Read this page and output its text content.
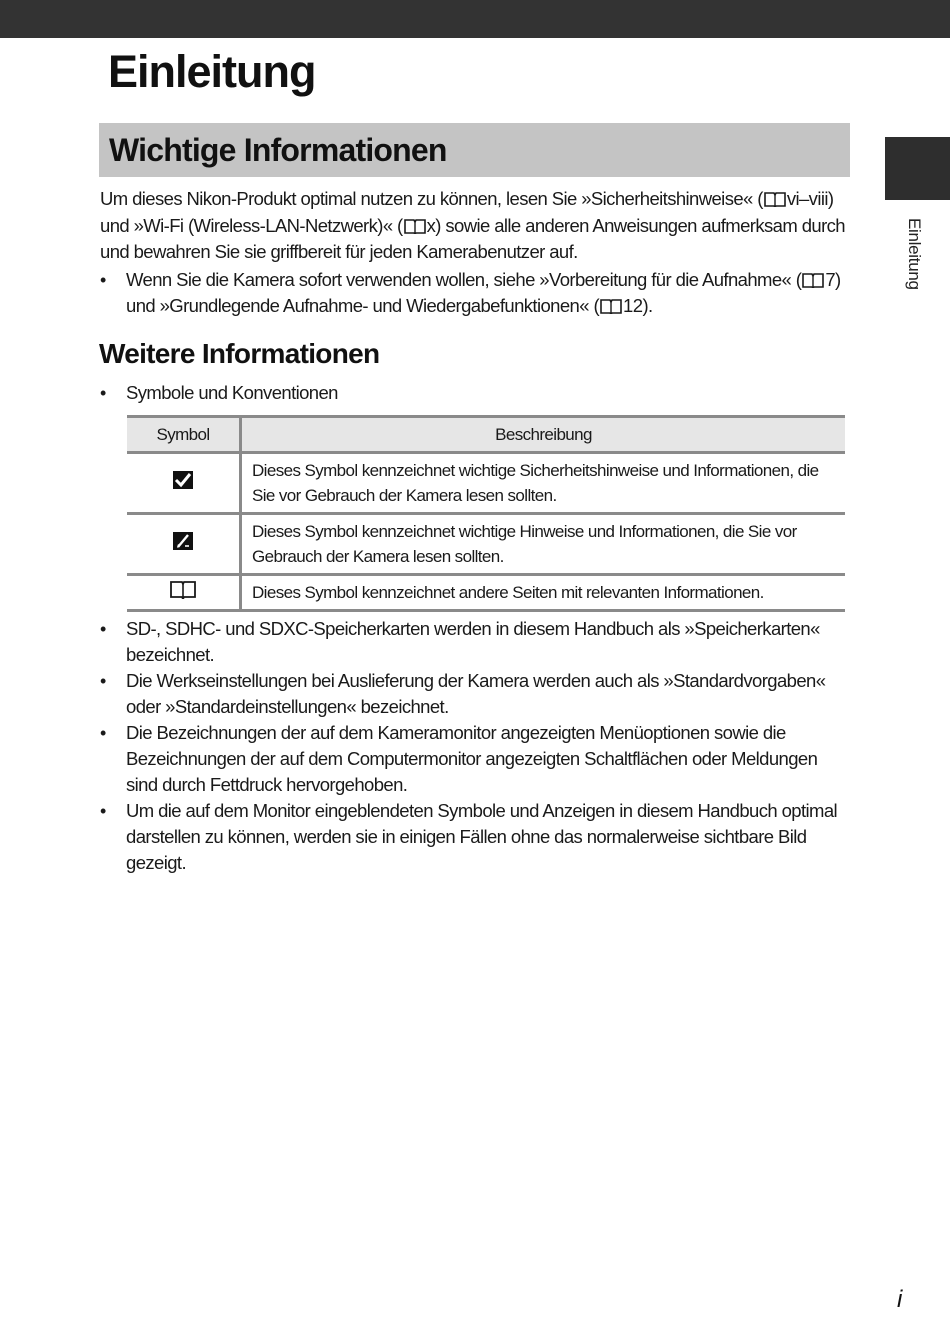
Einleitung
Wichtige Informationen
Einleitung

Um dieses Nikon-Produkt optimal nutzen zu können, lesen Sie »Sicherheitshinweise« ( vi–viii) und »Wi-Fi (Wireless-LAN-Netzwerk)« ( x) sowie alle anderen Anweisungen aufmerksam durch und bewahren Sie sie griffbereit für jeden Kamerabenutzer auf.

• Wenn Sie die Kamera sofort verwenden wollen, siehe »Vorbereitung für die Aufnahme« ( 7) und »Grundlegende Aufnahme- und Wiedergabefunktionen« ( 12).
Weitere Informationen
• Symbole und Konventionen
Symbol	Beschreibung
	Dieses Symbol kennzeichnet wichtige Sicherheitshinweise und Informationen, die Sie vor Gebrauch der Kamera lesen sollten.
	Dieses Symbol kennzeichnet wichtige Hinweise und Informationen, die Sie vor Gebrauch der Kamera lesen sollten.
	Dieses Symbol kennzeichnet andere Seiten mit relevanten Informationen.
• SD-, SDHC- und SDXC-Speicherkarten werden in diesem Handbuch als »Speicherkarten« bezeichnet.
• Die Werkseinstellungen bei Auslieferung der Kamera werden auch als »Standardvorgaben« oder »Standardeinstellungen« bezeichnet.
• Die Bezeichnungen der auf dem Kameramonitor angezeigten Menüoptionen sowie die Bezeichnungen der auf dem Computermonitor angezeigten Schaltflächen oder Meldungen sind durch Fettdruck hervorgehoben.
• Um die auf dem Monitor eingeblendeten Symbole und Anzeigen in diesem Handbuch optimal darstellen zu können, werden sie in einigen Fällen ohne das normalerweise sichtbare Bild gezeigt.
i
